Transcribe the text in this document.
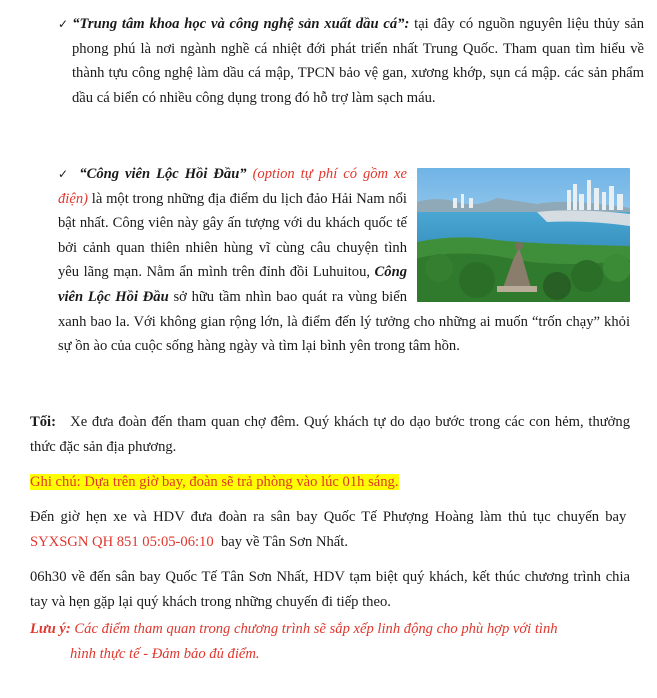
✓ “Trung tâm khoa học và công nghệ sản xuất dầu cá”: tại đây có nguồn nguyên liệu thủy sản phong phú là nơi ngành nghề cá nhiệt đới phát triển nhất Trung Quốc. Tham quan tìm hiểu về thành tựu công nghệ làm dầu cá mập, TPCN bảo vệ gan, xương khớp, sụn cá mập. các sản phẩm dầu cá biển có nhiều công dụng trong đó hỗ trợ làm sạch máu.
✓ “Công viên Lộc Hồi Đầu” (option tự phí có gồm xe điện) là một trong những địa điểm du lịch đảo Hải Nam nổi bật nhất. Công viên này gây ấn tượng với du khách quốc tế bởi cảnh quan thiên nhiên hùng vĩ cùng câu chuyện tình yêu lãng mạn. Nằm ẩn mình trên đỉnh đồi Luhuitou, Công viên Lộc Hồi Đầu sở hữu tầm nhìn bao quát ra vùng biển xanh bao la. Với không gian rộng lớn, là điểm đến lý tưởng cho những ai muốn “trốn chạy” khỏi sự ồn ào của cuộc sống hàng ngày và tìm lại bình yên trong tâm hồn.
Tối: Xe đưa đoàn đến tham quan chợ đêm. Quý khách tự do dạo bước trong các con hẻm, thưởng thức đặc sản địa phương.
Ghi chú: Dựa trên giờ bay, đoàn sẽ trả phòng vào lúc 01h sáng.
Đến giờ hẹn xe và HDV đưa đoàn ra sân bay Quốc Tế Phượng Hoàng làm thủ tục chuyến bay  SYXSGN QH 851 05:05-06:10 bay về Tân Sơn Nhất.
06h30 về đến sân bay Quốc Tế Tân Sơn Nhất, HDV tạm biệt quý khách, kết thúc chương trình chia tay và hẹn gặp lại quý khách trong những chuyến đi tiếp theo.
Lưu ý: Các điểm tham quan trong chương trình sẽ sắp xếp linh động cho phù hợp với tình
hình thực tế - Đảm bảo đủ điểm.
